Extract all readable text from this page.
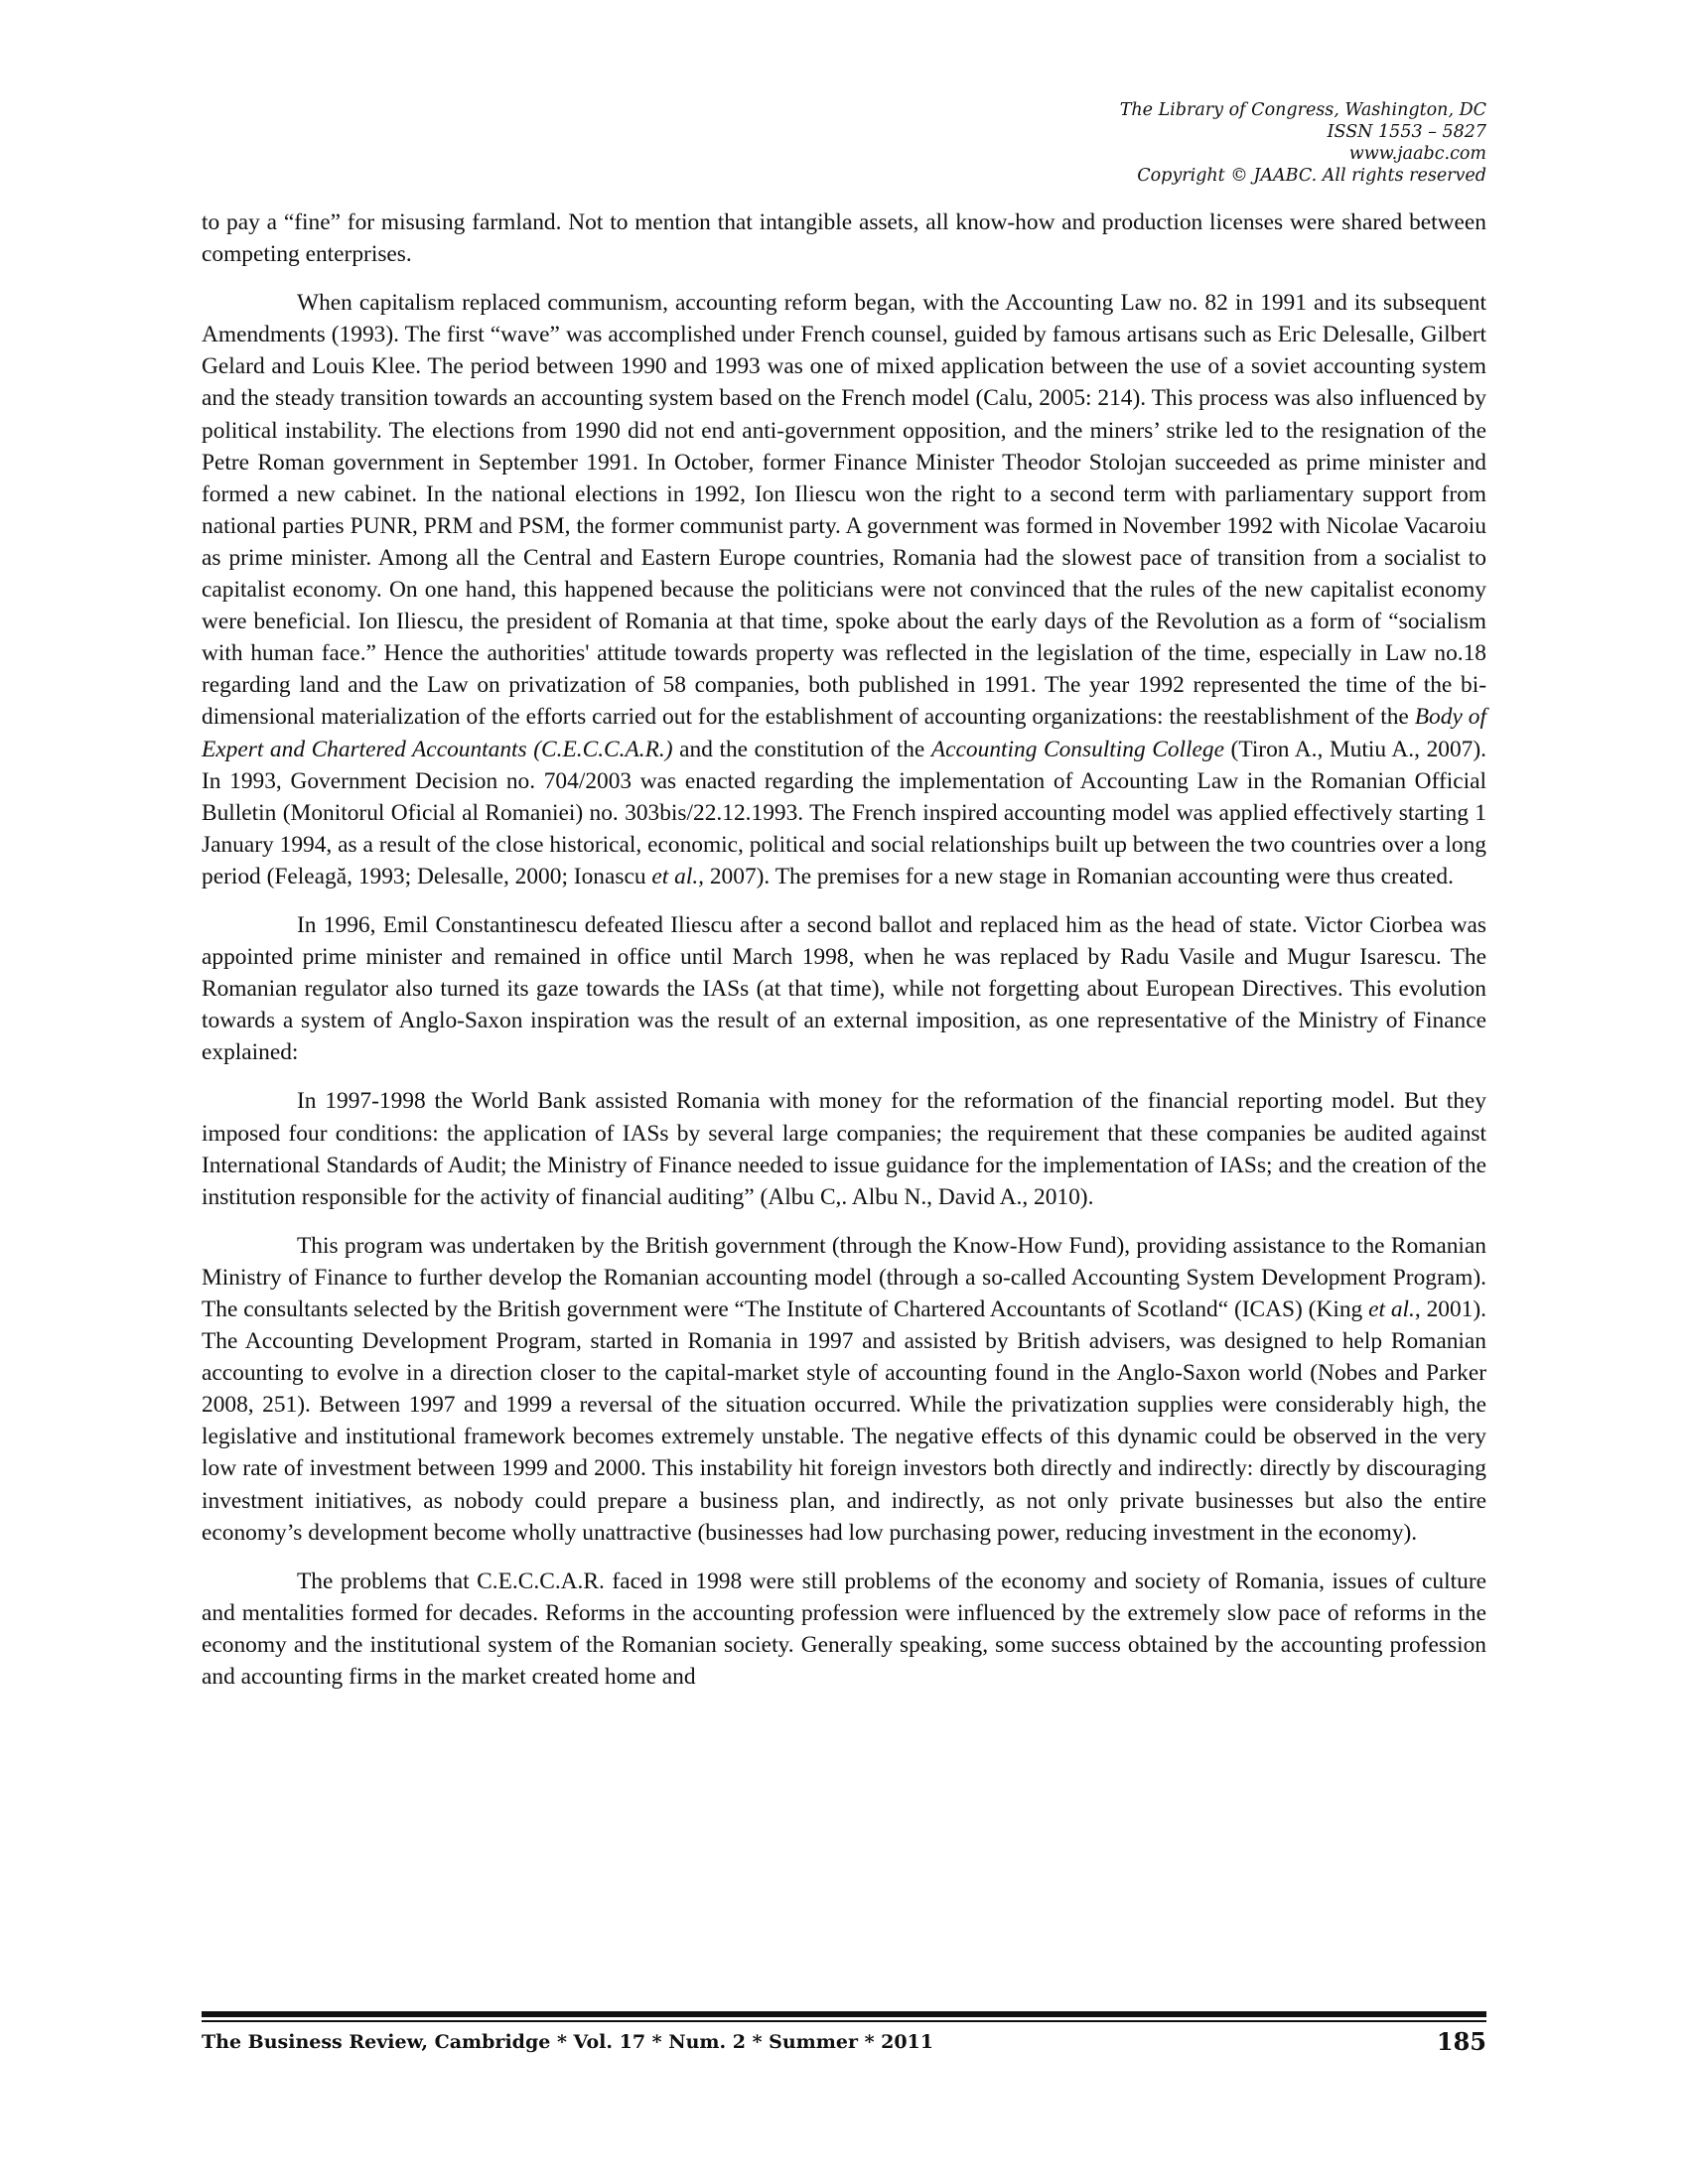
The Library of Congress, Washington, DC
ISSN 1553 – 5827
www.jaabc.com
Copyright © JAABC. All rights reserved

to pay a “fine” for misusing farmland. Not to mention that intangible assets, all know-how and production licenses were shared between competing enterprises.

When capitalism replaced communism, accounting reform began, with the Accounting Law no. 82 in 1991 and its subsequent Amendments (1993). The first “wave” was accomplished under French counsel, guided by famous artisans such as Eric Delesalle, Gilbert Gelard and Louis Klee. The period between 1990 and 1993 was one of mixed application between the use of a soviet accounting system and the steady transition towards an accounting system based on the French model (Calu, 2005: 214). This process was also influenced by political instability. The elections from 1990 did not end anti-government opposition, and the miners’ strike led to the resignation of the Petre Roman government in September 1991. In October, former Finance Minister Theodor Stolojan succeeded as prime minister and formed a new cabinet. In the national elections in 1992, Ion Iliescu won the right to a second term with parliamentary support from national parties PUNR, PRM and PSM, the former communist party. A government was formed in November 1992 with Nicolae Vacaroiu as prime minister. Among all the Central and Eastern Europe countries, Romania had the slowest pace of transition from a socialist to capitalist economy. On one hand, this happened because the politicians were not convinced that the rules of the new capitalist economy were beneficial. Ion Iliescu, the president of Romania at that time, spoke about the early days of the Revolution as a form of “socialism with human face.” Hence the authorities' attitude towards property was reflected in the legislation of the time, especially in Law no.18 regarding land and the Law on privatization of 58 companies, both published in 1991. The year 1992 represented the time of the bi-dimensional materialization of the efforts carried out for the establishment of accounting organizations: the reestablishment of the Body of Expert and Chartered Accountants (C.E.C.C.A.R.) and the constitution of the Accounting Consulting College (Tiron A., Mutiu A., 2007). In 1993, Government Decision no. 704/2003 was enacted regarding the implementation of Accounting Law in the Romanian Official Bulletin (Monitorul Oficial al Romaniei) no. 303bis/22.12.1993. The French inspired accounting model was applied effectively starting 1 January 1994, as a result of the close historical, economic, political and social relationships built up between the two countries over a long period (Feleagă, 1993; Delesalle, 2000; Ionascu et al., 2007). The premises for a new stage in Romanian accounting were thus created.

In 1996, Emil Constantinescu defeated Iliescu after a second ballot and replaced him as the head of state. Victor Ciorbea was appointed prime minister and remained in office until March 1998, when he was replaced by Radu Vasile and Mugur Isarescu. The Romanian regulator also turned its gaze towards the IASs (at that time), while not forgetting about European Directives. This evolution towards a system of Anglo-Saxon inspiration was the result of an external imposition, as one representative of the Ministry of Finance explained:

In 1997-1998 the World Bank assisted Romania with money for the reformation of the financial reporting model. But they imposed four conditions: the application of IASs by several large companies; the requirement that these companies be audited against International Standards of Audit; the Ministry of Finance needed to issue guidance for the implementation of IASs; and the creation of the institution responsible for the activity of financial auditing” (Albu C,. Albu N., David A., 2010).

This program was undertaken by the British government (through the Know-How Fund), providing assistance to the Romanian Ministry of Finance to further develop the Romanian accounting model (through a so-called Accounting System Development Program). The consultants selected by the British government were “The Institute of Chartered Accountants of Scotland“ (ICAS) (King et al., 2001). The Accounting Development Program, started in Romania in 1997 and assisted by British advisers, was designed to help Romanian accounting to evolve in a direction closer to the capital-market style of accounting found in the Anglo-Saxon world (Nobes and Parker 2008, 251). Between 1997 and 1999 a reversal of the situation occurred. While the privatization supplies were considerably high, the legislative and institutional framework becomes extremely unstable. The negative effects of this dynamic could be observed in the very low rate of investment between 1999 and 2000. This instability hit foreign investors both directly and indirectly: directly by discouraging investment initiatives, as nobody could prepare a business plan, and indirectly, as not only private businesses but also the entire economy’s development become wholly unattractive (businesses had low purchasing power, reducing investment in the economy).

The problems that C.E.C.C.A.R. faced in 1998 were still problems of the economy and society of Romania, issues of culture and mentalities formed for decades. Reforms in the accounting profession were influenced by the extremely slow pace of reforms in the economy and the institutional system of the Romanian society. Generally speaking, some success obtained by the accounting profession and accounting firms in the market created home and

The Business Review, Cambridge * Vol. 17 * Num. 2 * Summer * 2011	185
